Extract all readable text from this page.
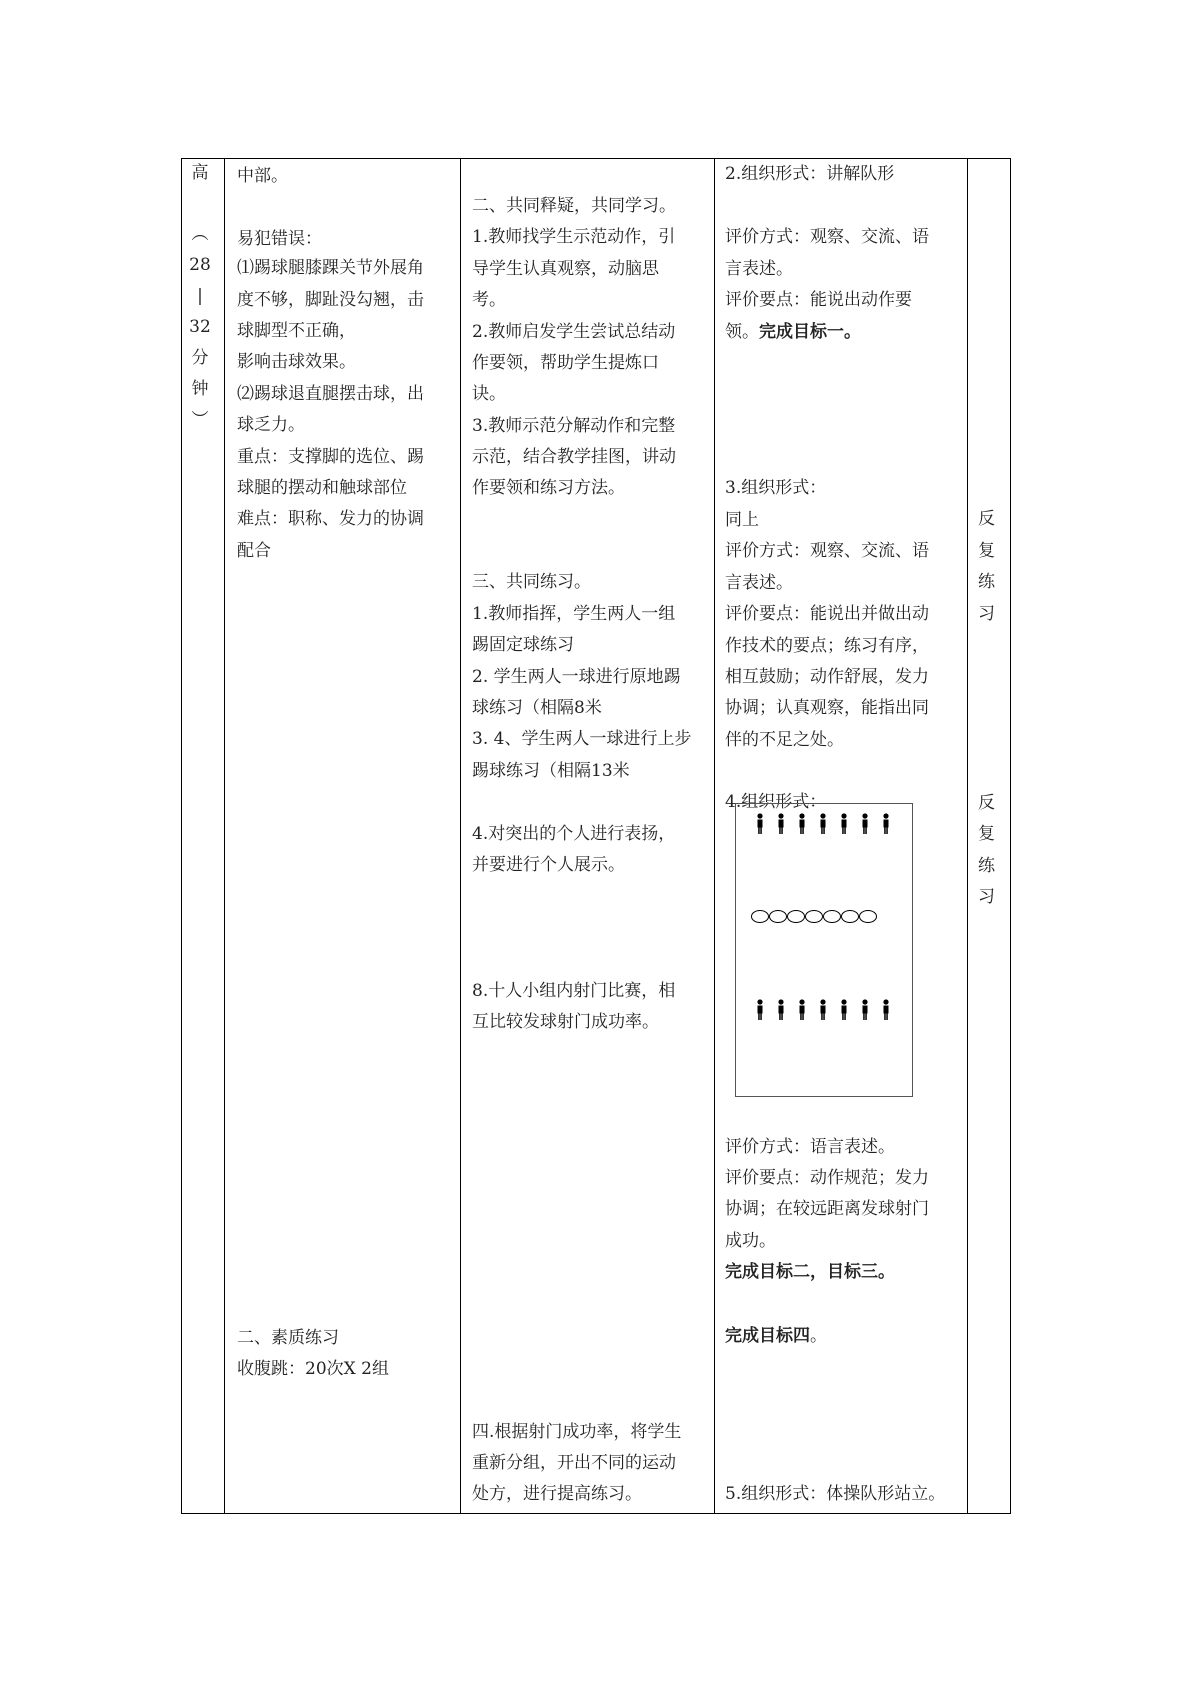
高
︵
28
|
32
分
钟
︶
中部。
易犯错误：
⑴踢球腿膝踝关节外展角
度不够，脚趾没勾翘，击
球脚型不正确，
影响击球效果。
⑵踢球退直腿摆击球，出
球乏力。
重点：支撑脚的选位、踢
球腿的摆动和触球部位
难点：职称、发力的协调
配合
二、素质练习
收腹跳：20次X 2组
二、共同释疑，共同学习。
1.教师找学生示范动作，引
导学生认真观察，动脑思
考。
2.教师启发学生尝试总结动
作要领，帮助学生提炼口
诀。
3.教师示范分解动作和完整
示范，结合教学挂图，讲动
作要领和练习方法。
三、共同练习。
1.教师指挥，学生两人一组
踢固定球练习
2. 学生两人一球进行原地踢
球练习（相隔8米
3. 4、学生两人一球进行上步
踢球练习（相隔13米
4.对突出的个人进行表扬，
并要进行个人展示。
8.十人小组内射门比赛，相
互比较发球射门成功率。
四.根据射门成功率，将学生
重新分组，开出不同的运动
处方，进行提高练习。
2.组织形式：讲解队形
评价方式：观察、交流、语
言表述。
评价要点：能说出动作要
领。完成目标一。
3.组织形式：
同上
评价方式：观察、交流、语
言表述。
评价要点：能说出并做出动
作技术的要点；练习有序，
相互鼓励；动作舒展，发力
协调；认真观察，能指出同
伴的不足之处。
4.组织形式：
评价方式：语言表述。
评价要点：动作规范；发力
协调；在较远距离发球射门
成功。
完成目标二，目标三。
完成目标四。
5.组织形式：体操队形站立。
反
复
练
习
反
复
练
习
